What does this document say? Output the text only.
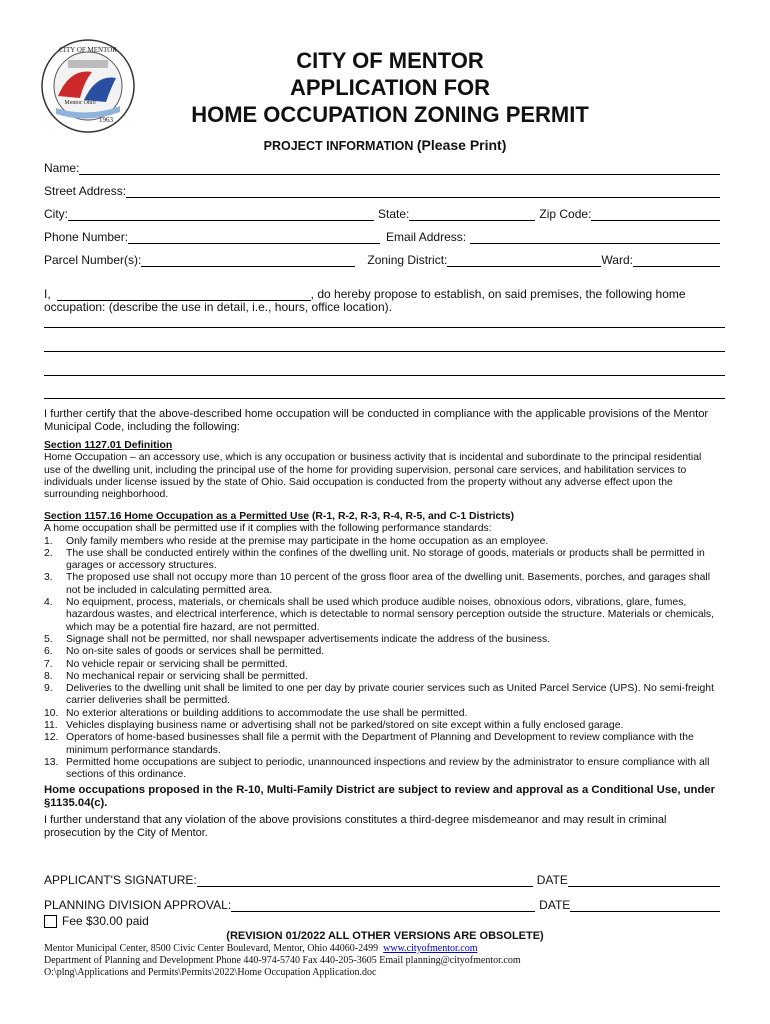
CITY OF MENTOR
Mentor Ohio
1963
CITY OF MENTOR
APPLICATION FOR
HOME OCCUPATION ZONING PERMIT
PROJECT INFORMATION (Please Print)
Name:
Street Address:
City:	State:	Zip Code:
Phone Number:	Email Address:
Parcel Number(s):	Zoning District:	Ward:
I,	, do hereby propose to establish, on said premises, the following home
occupation: (describe the use in detail, i.e., hours, office location).
I further certify that the above-described home occupation will be conducted in compliance with the applicable provisions of the Mentor Municipal Code, including the following:
Section 1127.01 Definition
Home Occupation – an accessory use, which is any occupation or business activity that is incidental and subordinate to the principal residential use of the dwelling unit, including the principal use of the home for providing supervision, personal care services, and habilitation services to individuals under license issued by the state of Ohio. Said occupation is conducted from the property without any adverse effect upon the surrounding neighborhood.
Section 1157.16 Home Occupation as a Permitted Use (R-1, R-2, R-3, R-4, R-5, and C-1 Districts)
A home occupation shall be permitted use if it complies with the following performance standards:
1. Only family members who reside at the premise may participate in the home occupation as an employee.
2. The use shall be conducted entirely within the confines of the dwelling unit. No storage of goods, materials or products shall be permitted in garages or accessory structures.
3. The proposed use shall not occupy more than 10 percent of the gross floor area of the dwelling unit. Basements, porches, and garages shall not be included in calculating permitted area.
4. No equipment, process, materials, or chemicals shall be used which produce audible noises, obnoxious odors, vibrations, glare, fumes, hazardous wastes, and electrical interference, which is detectable to normal sensory perception outside the structure. Materials or chemicals, which may be a potential fire hazard, are not permitted.
5. Signage shall not be permitted, nor shall newspaper advertisements indicate the address of the business.
6. No on-site sales of goods or services shall be permitted.
7. No vehicle repair or servicing shall be permitted.
8. No mechanical repair or servicing shall be permitted.
9. Deliveries to the dwelling unit shall be limited to one per day by private courier services such as United Parcel Service (UPS). No semi-freight carrier deliveries shall be permitted.
10. No exterior alterations or building additions to accommodate the use shall be permitted.
11. Vehicles displaying business name or advertising shall not be parked/stored on site except within a fully enclosed garage.
12. Operators of home-based businesses shall file a permit with the Department of Planning and Development to review compliance with the minimum performance standards.
13. Permitted home occupations are subject to periodic, unannounced inspections and review by the administrator to ensure compliance with all sections of this ordinance.
Home occupations proposed in the R-10, Multi-Family District are subject to review and approval as a Conditional Use, under §1135.04(c).
I further understand that any violation of the above provisions constitutes a third-degree misdemeanor and may result in criminal prosecution by the City of Mentor.
APPLICANT'S SIGNATURE:	DATE
PLANNING DIVISION APPROVAL:	DATE
Fee $30.00 paid
(REVISION 01/2022 ALL OTHER VERSIONS ARE OBSOLETE)
Mentor Municipal Center, 8500 Civic Center Boulevard, Mentor, Ohio 44060-2499 www.cityofmentor.com
Department of Planning and Development Phone 440-974-5740 Fax 440-205-3605 Email planning@cityofmentor.com
O:\plng\Applications and Permits\Permits\2022\Home Occupation Application.doc
